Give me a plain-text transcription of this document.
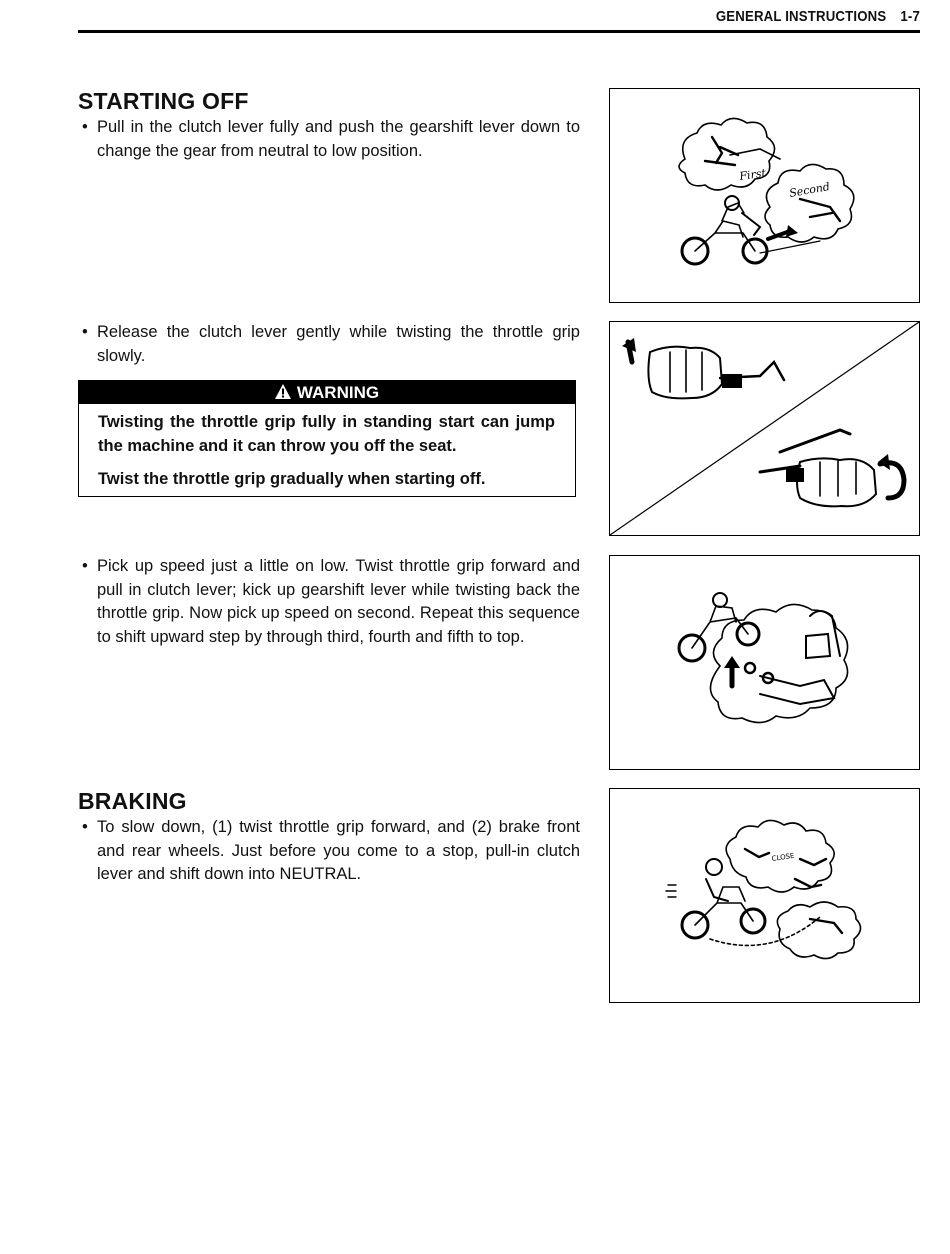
GENERAL INSTRUCTIONS 1-7
STARTING OFF
• Pull in the clutch lever fully and push the gearshift lever down to change the gear from neutral to low position.
• Release the clutch lever gently while twisting the throttle grip slowly.
WARNING

Twisting the throttle grip fully in standing start can jump the machine and it can throw you off the seat.

Twist the throttle grip gradually when starting off.

• Pick up speed just a little on low. Twist throttle grip forward and pull in clutch lever; kick up gearshift lever while twisting back the throttle grip. Now pick up speed on second. Repeat this sequence to shift upward step by through third, fourth and fifth to top.
BRAKING
• To slow down, (1) twist throttle grip forward, and (2) brake front and rear wheels. Just before you come to a stop, pull-in clutch lever and shift down into NEUTRAL.
First
Second
CLOSE
